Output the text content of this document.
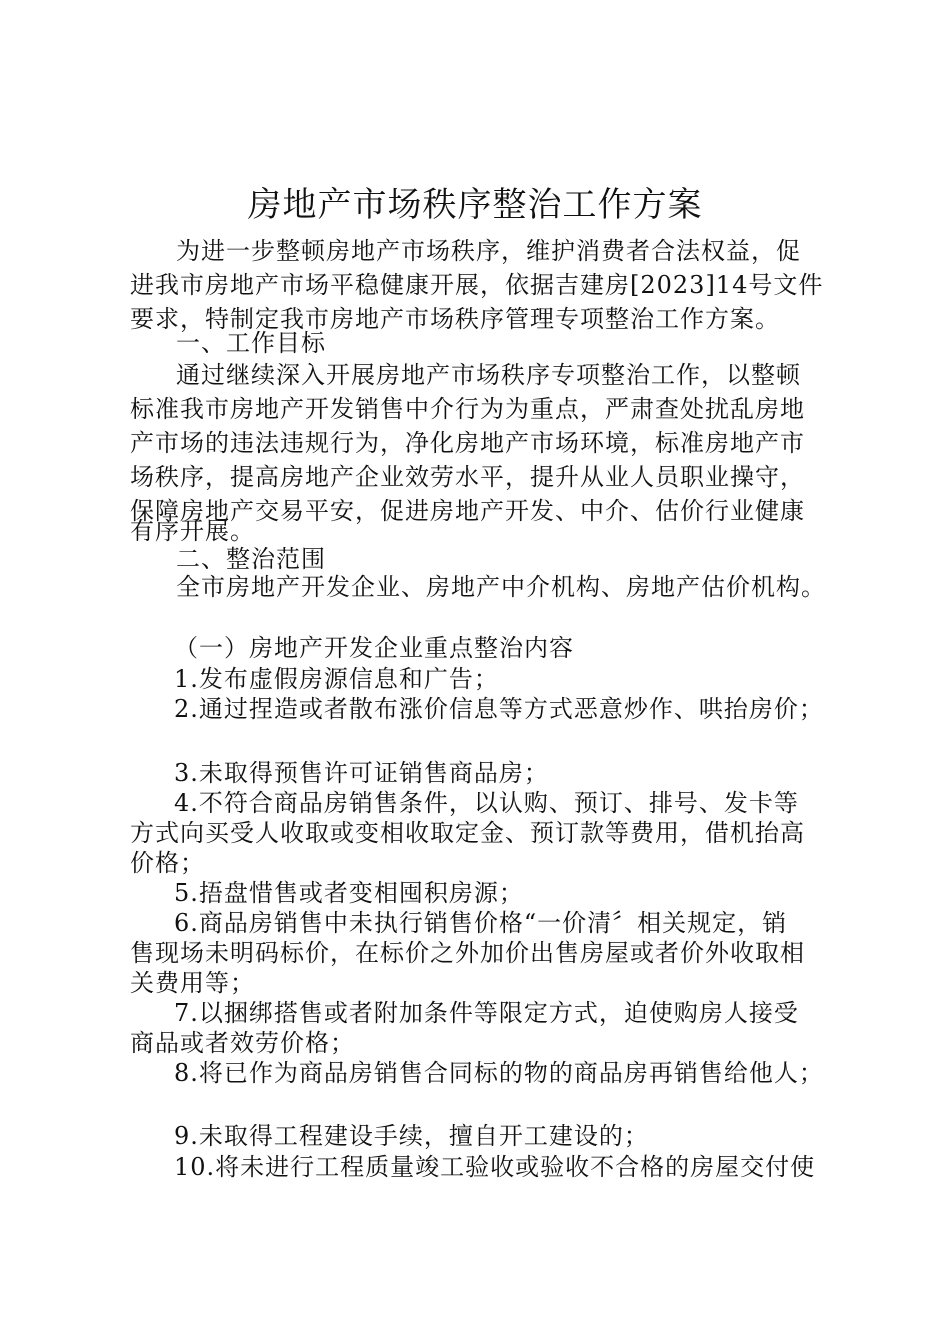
房地产市场秩序整治工作方案
为进一步整顿房地产市场秩序，维护消费者合法权益，促
进我市房地产市场平稳健康开展，依据吉建房[2023]14号文件
要求，特制定我市房地产市场秩序管理专项整治工作方案。
一、工作目标
通过继续深入开展房地产市场秩序专项整治工作，以整顿
标准我市房地产开发销售中介行为为重点，严肃查处扰乱房地
产市场的违法违规行为，净化房地产市场环境，标准房地产市
场秩序，提高房地产企业效劳水平，提升从业人员职业操守，
保障房地产交易平安，促进房地产开发、中介、估价行业健康
有序开展。
二、整治范围
全市房地产开发企业、房地产中介机构、房地产估价机构。
（一）房地产开发企业重点整治内容
1.发布虚假房源信息和广告；
2.通过捏造或者散布涨价信息等方式恶意炒作、哄抬房价；
3.未取得预售许可证销售商品房；
4.不符合商品房销售条件，以认购、预订、排号、发卡等
方式向买受人收取或变相收取定金、预订款等费用，借机抬高
价格；
5.捂盘惜售或者变相囤积房源；
6.商品房销售中未执行销售价格“一价清〞相关规定，销
售现场未明码标价，在标价之外加价出售房屋或者价外收取相
关费用等；
7.以捆绑搭售或者附加条件等限定方式，迫使购房人接受
商品或者效劳价格；
8.将已作为商品房销售合同标的物的商品房再销售给他人；
9.未取得工程建设手续，擅自开工建设的；
10.将未进行工程质量竣工验收或验收不合格的房屋交付使
